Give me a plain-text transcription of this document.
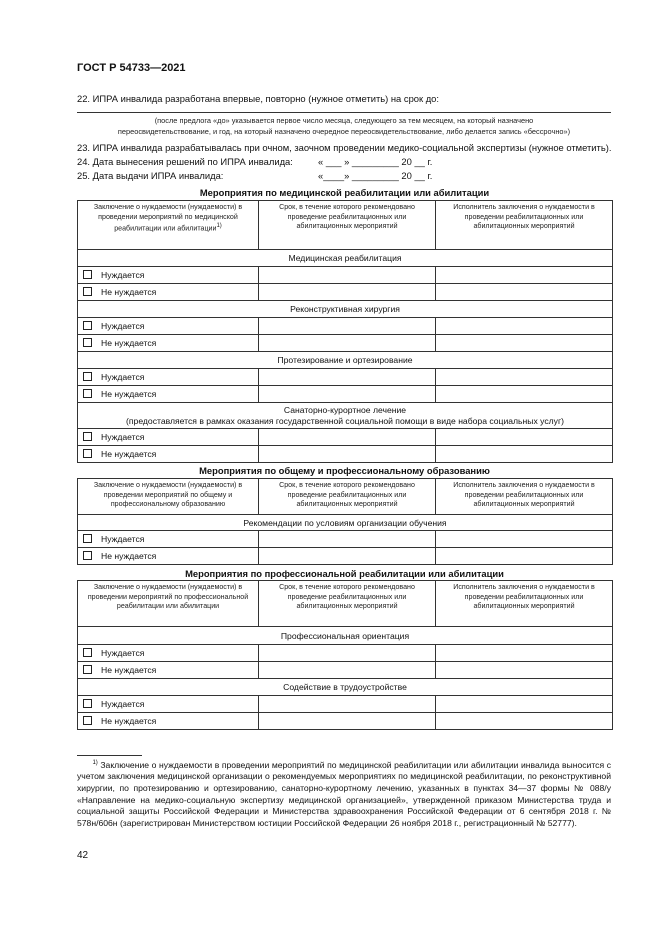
ГОСТ Р 54733—2021
22. ИПРА инвалида разработана впервые, повторно (нужное отметить) на срок до:
(после предлога «до» указывается первое число месяца, следующего за тем месяцем, на который назначено
переосвидетельствование, и год, на который назначено очередное переосвидетельствование, либо делается запись «бессрочно»)
23. ИПРА инвалида разрабатывалась при очном, заочном проведении медико-социальной экспертизы (нужное отметить).
24. Дата вынесения решений по ИПРА инвалида:	« ___ » _________ 20 __ г.
25. Дата выдачи ИПРА инвалида:	«____» _________ 20 __ г.
Мероприятия по медицинской реабилитации или абилитации
Заключение о нуждаемости (нуждаемости) в проведении мероприятий по медицинской реабилитации или абилитации$^{1)}$	Срок, в течение которого рекомендовано проведение реабилитационных или абилитационных мероприятий	Исполнитель заключения о нуждаемости в проведении реабилитационных или абилитационных мероприятий
Медицинская реабилитация		
Нуждается		
Не нуждается		
Реконструктивная хирургия		
Нуждается		
Не нуждается		
Протезирование и ортезирование		
Нуждается		
Не нуждается		

Санаторно-курортное лечение
(предоставляется в рамках оказания государственной социальной помощи в виде набора социальных услуг)		

Нуждается		
Не нуждается		
Мероприятия по общему и профессиональному образованию
Заключение о нуждаемости (нуждаемости) в проведении мероприятий по общему и профессиональному образованию	Срок, в течение которого рекомендовано проведение реабилитационных или абилитационных мероприятий	Исполнитель заключения о нуждаемости в проведении реабилитационных или абилитационных мероприятий
Рекомендации по условиям организации обучения		
Нуждается		
Не нуждается		
Мероприятия по профессиональной реабилитации или абилитации
Заключение о нуждаемости (нуждаемости) в проведении мероприятий по профессиональной реабилитации или абилитации	Срок, в течение которого рекомендовано проведение реабилитационных или абилитационных мероприятий	Исполнитель заключения о нуждаемости в проведении реабилитационных или абилитационных мероприятий
Профессиональная ориентация		
Нуждается		
Не нуждается		
Содействие в трудоустройстве		
Нуждается		
Не нуждается		
$^{1)}$ Заключение о нуждаемости в проведении мероприятий по медицинской реабилитации или абилитации инвалида выносится с учетом заключения медицинской организации о рекомендуемых мероприятиях по медицинской реабилитации, по реконструктивной хирургии, по протезированию и ортезированию, санаторно-курортному лечению, указанных в пунктах 34—37 формы № 088/у «Направление на медико-социальную экспертизу медицинской организацией», утвержденной приказом Министерства труда и социальной защиты Российской Федерации и Министерства здравоохранения Российской Федерации от 6 сентября 2018 г. № 578н/606н (зарегистрирован Министерством юстиции Российской Федерации 26 ноября 2018 г., регистрационный № 52777).
42
